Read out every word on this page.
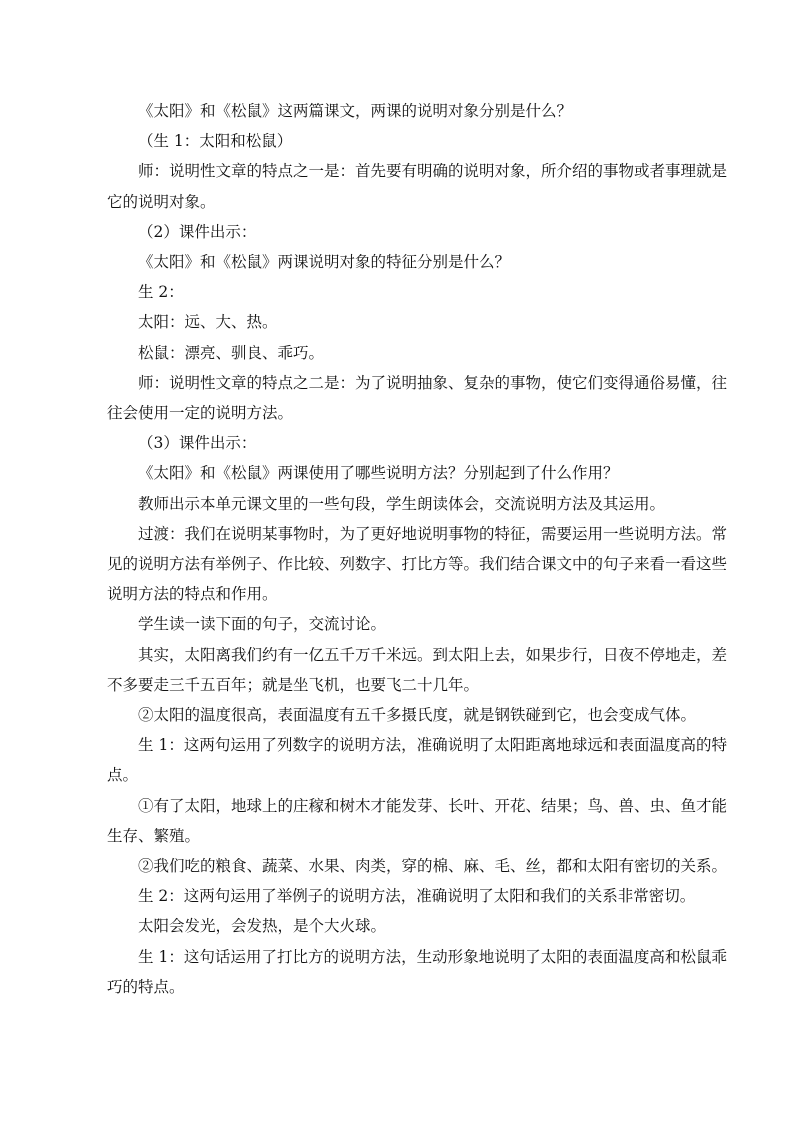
《太阳》和《松鼠》这两篇课文，两课的说明对象分别是什么？

（生 1：太阳和松鼠）

师：说明性文章的特点之一是：首先要有明确的说明对象，所介绍的事物或者事理就是它的说明对象。

（2）课件出示：

《太阳》和《松鼠》两课说明对象的特征分别是什么？

生 2：

太阳：远、大、热。

松鼠：漂亮、驯良、乖巧。

师：说明性文章的特点之二是：为了说明抽象、复杂的事物，使它们变得通俗易懂，往往会使用一定的说明方法。

（3）课件出示：

《太阳》和《松鼠》两课使用了哪些说明方法？分别起到了什么作用？

教师出示本单元课文里的一些句段，学生朗读体会，交流说明方法及其运用。

过渡：我们在说明某事物时，为了更好地说明事物的特征，需要运用一些说明方法。常见的说明方法有举例子、作比较、列数字、打比方等。我们结合课文中的句子来看一看这些说明方法的特点和作用。

学生读一读下面的句子，交流讨论。

其实，太阳离我们约有一亿五千万千米远。到太阳上去，如果步行，日夜不停地走，差不多要走三千五百年；就是坐飞机，也要飞二十几年。

②太阳的温度很高，表面温度有五千多摄氏度，就是钢铁碰到它，也会变成气体。

生 1：这两句运用了列数字的说明方法，准确说明了太阳距离地球远和表面温度高的特点。

①有了太阳，地球上的庄稼和树木才能发芽、长叶、开花、结果；鸟、兽、虫、鱼才能生存、繁殖。

②我们吃的粮食、蔬菜、水果、肉类，穿的棉、麻、毛、丝，都和太阳有密切的关系。

生 2：这两句运用了举例子的说明方法，准确说明了太阳和我们的关系非常密切。

太阳会发光，会发热，是个大火球。

生 1：这句话运用了打比方的说明方法，生动形象地说明了太阳的表面温度高和松鼠乖巧的特点。
